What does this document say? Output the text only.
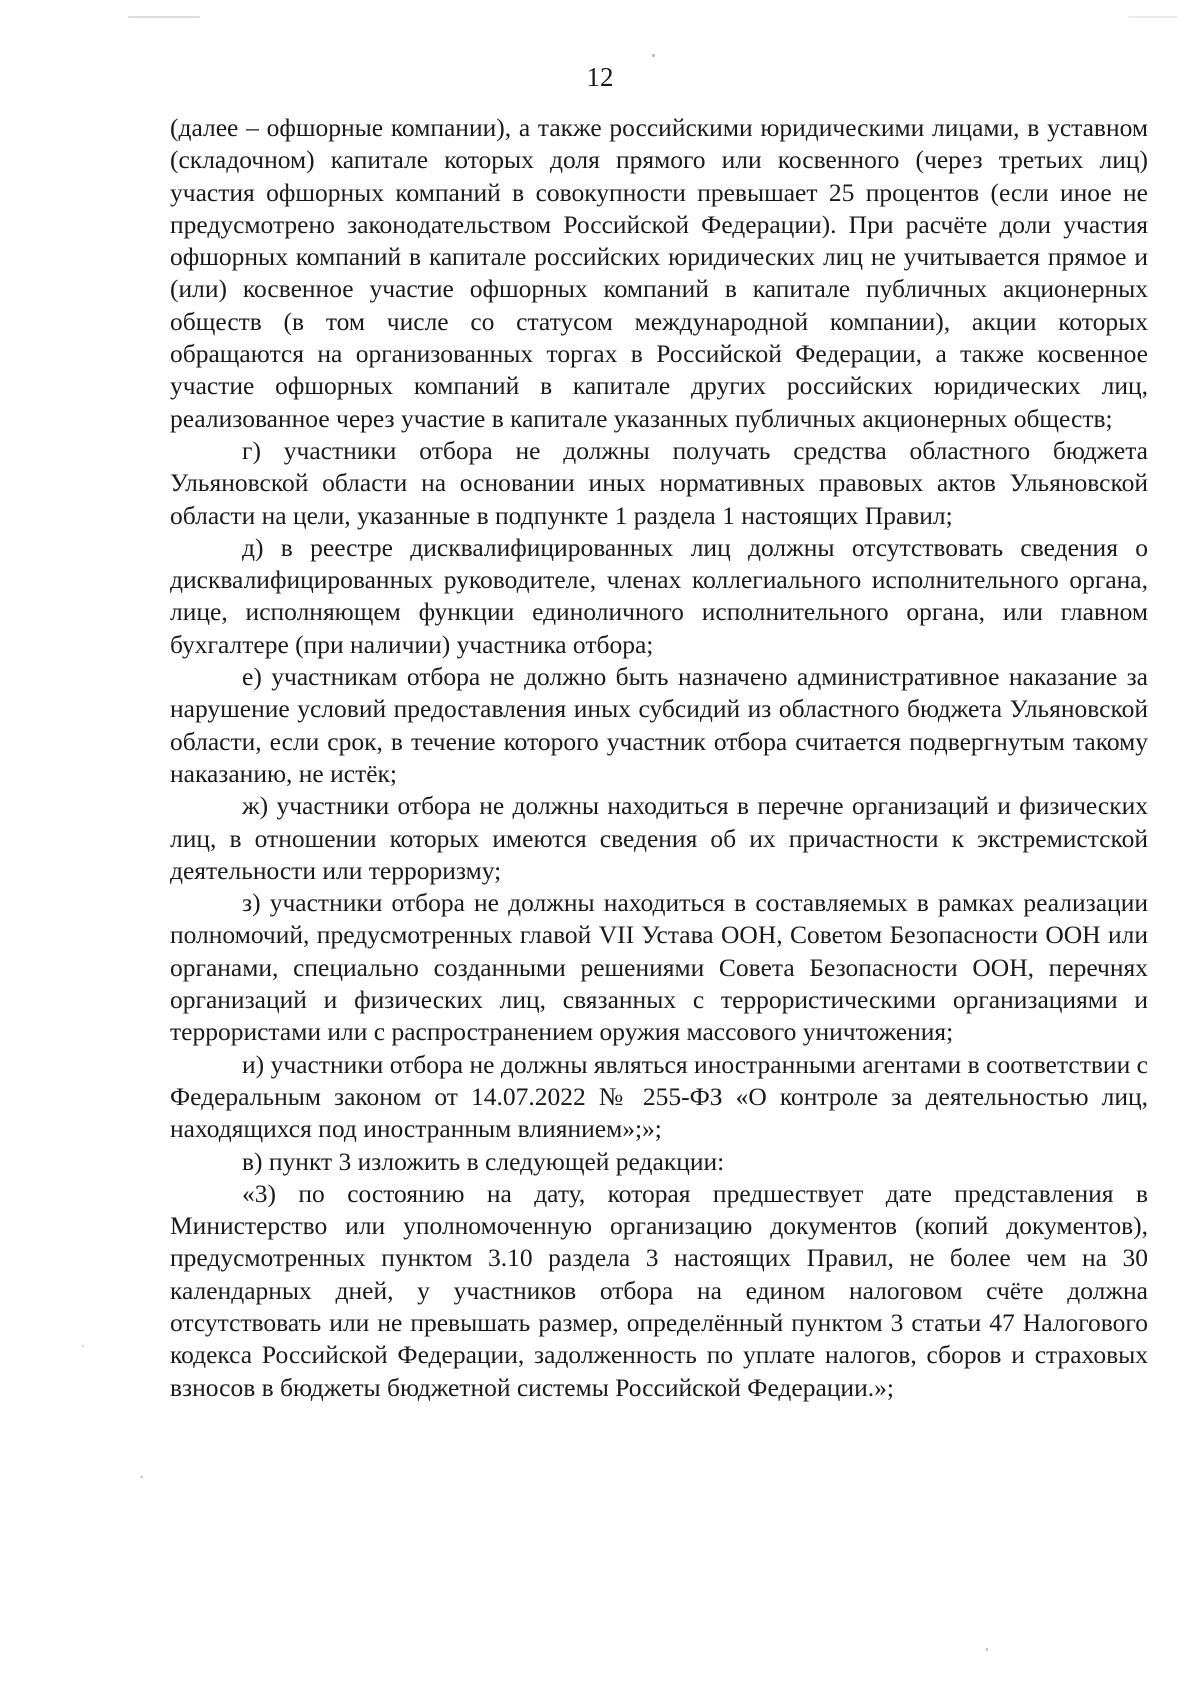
12

(далее – офшорные компании), а также российскими юридическими лицами, в уставном (складочном) капитале которых доля прямого или косвенного (через третьих лиц) участия офшорных компаний в совокупности превышает 25 процентов (если иное не предусмотрено законодательством Российской Федерации). При расчёте доли участия офшорных компаний в капитале российских юридических лиц не учитывается прямое и (или) косвенное участие офшорных компаний в капитале публичных акционерных обществ (в том числе со статусом международной компании), акции которых обращаются на организованных торгах в Российской Федерации, а также косвенное участие офшорных компаний в капитале других российских юридических лиц, реализованное через участие в капитале указанных публичных акционерных обществ;

г) участники отбора не должны получать средства областного бюджета Ульяновской области на основании иных нормативных правовых актов Ульяновской области на цели, указанные в подпункте 1 раздела 1 настоящих Правил;

д) в реестре дисквалифицированных лиц должны отсутствовать сведения о дисквалифицированных руководителе, членах коллегиального исполнительного органа, лице, исполняющем функции единоличного исполнительного органа, или главном бухгалтере (при наличии) участника отбора;

е) участникам отбора не должно быть назначено административное наказание за нарушение условий предоставления иных субсидий из областного бюджета Ульяновской области, если срок, в течение которого участник отбора считается подвергнутым такому наказанию, не истёк;

ж) участники отбора не должны находиться в перечне организаций и физических лиц, в отношении которых имеются сведения об их причастности к экстремистской деятельности или терроризму;

з) участники отбора не должны находиться в составляемых в рамках реализации полномочий, предусмотренных главой VII Устава ООН, Советом Безопасности ООН или органами, специально созданными решениями Совета Безопасности ООН, перечнях организаций и физических лиц, связанных с террористическими организациями и террористами или с распространением оружия массового уничтожения;

и) участники отбора не должны являться иностранными агентами в соответствии с Федеральным законом от 14.07.2022 № 255-ФЗ «О контроле за деятельностью лиц, находящихся под иностранным влиянием»;»;

в) пункт 3 изложить в следующей редакции:

«3) по состоянию на дату, которая предшествует дате представления в Министерство или уполномоченную организацию документов (копий документов), предусмотренных пунктом 3.10 раздела 3 настоящих Правил, не более чем на 30 календарных дней, у участников отбора на едином налоговом счёте должна отсутствовать или не превышать размер, определённый пунктом 3 статьи 47 Налогового кодекса Российской Федерации, задолженность по уплате налогов, сборов и страховых взносов в бюджеты бюджетной системы Российской Федерации.»;
